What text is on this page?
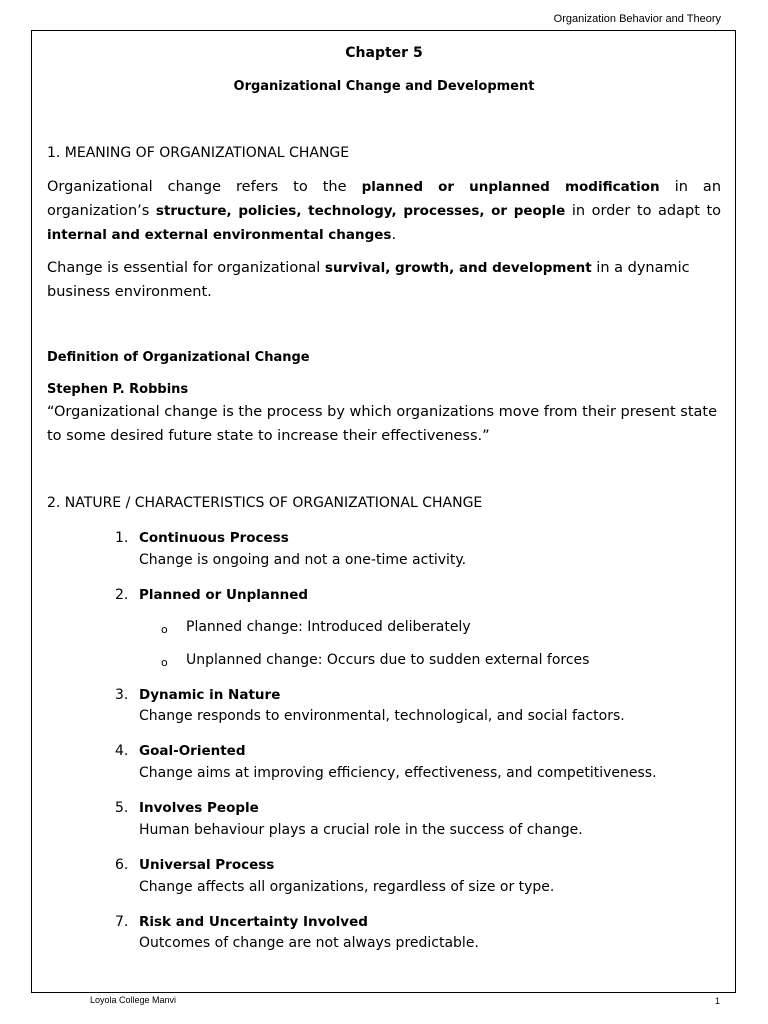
Organization Behavior and Theory
Chapter 5
Organizational Change and Development
1. MEANING OF ORGANIZATIONAL CHANGE
Organizational change refers to the planned or unplanned modification in an organization’s structure, policies, technology, processes, or people in order to adapt to internal and external environmental changes.
Change is essential for organizational survival, growth, and development in a dynamic business environment.
Definition of Organizational Change
Stephen P. Robbins
“Organizational change is the process by which organizations move from their present state
to some desired future state to increase their effectiveness.”
2. NATURE / CHARACTERISTICS OF ORGANIZATIONAL CHANGE
1. Continuous Process
Change is ongoing and not a one-time activity.
2. Planned or Unplanned
o Planned change: Introduced deliberately
o Unplanned change: Occurs due to sudden external forces
3. Dynamic in Nature
Change responds to environmental, technological, and social factors.
4. Goal-Oriented
Change aims at improving efficiency, effectiveness, and competitiveness.
5. Involves People
Human behaviour plays a crucial role in the success of change.
6. Universal Process
Change affects all organizations, regardless of size or type.
7. Risk and Uncertainty Involved
Outcomes of change are not always predictable.
Loyola College Manvi	1
